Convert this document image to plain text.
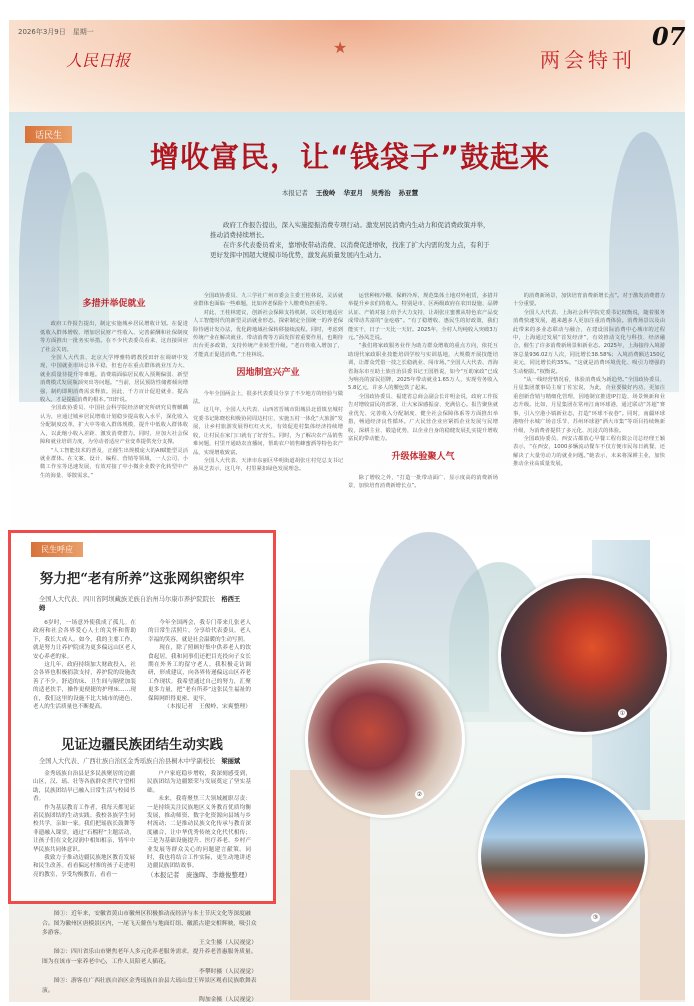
★
2026年3月9日　星期一	07
人民日报	两会特刊
话民生
增收富民，让“钱袋子”鼓起来
本报记者 王俊岭 华亚月 吴秀治 孙亚慧

政府工作报告提出，深入实施提振消费专项行动。激发居民消费内生动力和促消费政策并举，推动消费持续增长。

在许多代表委员看来，靠增收带动消费、以消费促进增收，找准了扩大内需的发力点，有利于更好发挥中国超大规模市场优势，激发高质量发展内生动力。

多措并举促就业

政府工作报告提出，制定实施城乡居民增收计划。在促进低收入群体增收、增加居民财产性收入、完善薪酬和社保制度等方面推出一批务实举措。在不少代表委员看来，这直接回应了社会关切。

全国人大代表、北京大学博雅特聘教授田轩在调研中发现，中国就业市场总体平稳，但也存在重点群体就业压力大、就业质量待提升等难题。消费端面临居民收入预期偏弱、新型消费模式发展瓶颈突出等问题。“当前，居民预防性储蓄倾向增强，制约即期消费需求释放。因此，千方百计促进就业、提高收入，才是提振消费的根本。”田轩说。

全国政协委员、中国社会科学院经济研究所研究员曹麒麟认为，应通过城乡居民增收计划稳步提高收入水平，深化收入分配制度改革，扩大中等收入群体规模，提升中低收入群体收入，以此缩小收入差距、激发消费潜力。同时，应加大社会保障和就业培训力度，为劳动者适应产业变革提供充分支撑。

“人工智能技术的普及，正催生出规模庞大的AI赋能型灵活就业群体。在文案、设计、编程、营销等领域，一人公司、小微工作室等迅速发展，有效对接了中小微企业数字化转型中产生的海量、零散需求。”

全国政协委员、九三学社广州市委会主委王桂林说，灵活就业群体也面临一些难题，比如养老保险个人缴费负担重等。

对此，王桂林建议，创新社会保障支持机制，以更好地适应人工智能时代的新型灵活就业形态。探索制定全国统一的养老保险待遇计发办法，优化跨地域社保转移接续流程。同时，考虑到传统产业在解决就业、带动消费等方面发挥着重要作用，也期待出台更多政策，支持传统产业转型升级。“老百姓收入增加了，才能真正促进消费。”王桂林说。

因地制宜兴产业

今年全国两会上，很多代表委员分享了不少地方的经验与做法。

这几年，全国人大代表、山西省晋城市阳城县北留镇皇城村党委书记陈晓松积极协同周边村庄，实施五村一体化“大旅游”发展，让乡村旅游发展得红红火火，有效促进村集体经济持续增收，让村民在家门口就有了好营生。同时，为了解决农产品销售难问题，村里开通助农直播间，帮助农户销售蜂蜜酒等特色农产品，实现增收致富。

全国人大代表、天津市东丽区华明街道胡张庄村党总支书记孙凤芝表示，这几年，村里紧扣绿色发展理念。

运营种植冷棚、保鲜冷库，规范集体土地对外租赁，多措并举提升乡亲们的收入。特别是市、区两级政府在农田设施、品牌认证、产销对接上给予大力支持，让胡张庄蜜薯从特色农产品变成带动共富的“金疙瘩”。“有了稳增收、惠民生的好政策，我们能实干，日子一天比一天好。2025年，全村人均纯收入突破3万元。”孙凤芝说。

“我们将家政服务业作为助力群众增收的重点方向，依托互助现代家政职业技能培训学校与实训基地，大规模开展技能培训，让群众凭借一技之长稳就业、闯市场。”全国人大代表、青海省海东市互助土族自治县委书记王国胜说，如今“互助家政”已成为响亮的富民招牌，2025年带动就业1.65万人，实现劳务收入5.8亿元，许多人的腰包鼓了起来。

全国政协委员、福建省总商会副会长许明金说，政府工作报告对增收富民的部署，让大家深感振奋、充满信心。报告聚焦就业优先、完善收入分配制度、健全社会保障体系等方面推出举措，畅通经济良性循环。广大民营企业应紧抓企业发展与民增收，深耕主业、锻造优势，以企业自身的稳健发展扎实提升增收富民的带动能力。

升级体验聚人气

除了增收之外，“打造一批带动面广、显示度高的消费新场景，加快培育消费新增长点”。

的消费新场景，加快培育消费新增长点”。对于激发消费潜力十分重要。

全国人大代表、上海社会科学院党委书记权衡说，随着服务消费快速发展，越来越多人更加注重消费体验。消费场景以及由此带来的多业态联动与融合，在建设国际消费中心城市的过程中，上海通过发展“首发经济”，有效推动文化与科技、经济融合，催生了许多消费新场景和新业态。2025年，上海接待入境游客总量936.02万人次，同比增长38.58%；入境消费额达150亿美元，同比增长约35%。“这就是消费环境优化、吸引力增强的生动缩影。”权衡说。

“从一线经营情况看，体验消费成为新趋势。”全国政协委员、月星集团董事局主席丁佐宏说，为此，企业要做好内功，更加注重创新营销与精细化管理，因地制宜推进IP打造、场景焕新和业态升级。比如，月星集团在常州江南环球港，通过联动“苏超”赛事，引入空港小镇新业态，打造“环球不夜巷”。同时，南疆环球港喀什水城广场音乐节、苏州环球港“酒大市集”等项目持续焕新升级，为消费者提供了多元化、沉浸式的体验。

全国政协委员、西安古都放心早餐工程有限公司总经理王颖表示，“在西安，1000多辆流动餐车不仅方便市民每日就餐，还解决了大量劳动力的就业问题。”她表示，未来将深耕主业，加快推动企业高质量发展。

民生呼应
努力把“老有所养”这张网织密织牢
全国人大代表、四川省阿坝藏族羌族自治州马尔康市养护院院长 格西王姆

6岁时，一场意外使我成了孤儿。在政府和社会各界爱心人士的关怀和帮助下，我长大成人。如今，我的主要工作，就是努力让养护院成为更多偏远山区老人安心养老的家。

这几年，政府持续加大财政投入，社会各界也积极捐款支持，养护院的设施改善了不少。舒适的床、卫生间与隔壁加装的适老扶手，操作更便捷的护理床……现在，我们这里的设施不比大城市的逊色，老人的生活质量也不断提高。

今年全国两会，我专门带来几张老人的日常生活照片，分享给代表委员。老人幸福的笑容，就是社会温暖的生动写照。

现在，除了照顾好集中供养老人的饮食起居，我和同事们还把目光投向子女长期在外务工的留守老人。我积极走访调研，形成建议，向各界传递偏远山区养老工作现状。我希望通过自己的努力，汇聚更多力量，把“老有所养”这张民生福祉的保障网织得更密、更牢。

（本报记者　王俊岭、宋爽整理）

见证边疆民族团结生动实践
全国人大代表、广西壮族自治区金秀瑶族自治县桐木中学副校长 梁丽斌

金秀瑶族自治县是多民族聚居的边疆山区，汉、瑶、壮等各族群众世代守望相助，民族团结早已融入日常生活与校园书香。

作为基层教育工作者，我每天都见证着民族团结的生动实践。我校各族学生同校共学，亲如一家。我们把瑶族长鼓舞等非遗融入课堂，通过“石榴籽”主题活动，让孩子们在文化浸润中相知相亲，铸牢中华民族共同体意识。

我致力于推动边疆民族地区教育发展和民生改善。看看偏远村寨的孩子走进明亮的教室，享受均衡教育，看看一

户户家庭稳步增收，我深刻感受到，民族团结为边疆繁荣与发展奠定了坚实基础。

未来，我将聚焦三大领域履职尽责：一是持续关注民族地区义务教育优质均衡发展，推动师资、数字化资源向县域与乡村流动；二是推动民族文化传承与教育深度融合，让中华优秀传统文化代代相传；三是为基础设施提升、医疗养老、乡村产业发展等群众关心的问题建言献策。同时，我也将结合工作实际，更生动地讲述边疆民族团结故事。

（本报记者　庞逸晖、李雄俊整理）

①
②
③

图①：近年来，安徽省黄山市徽州区积极推动夜经济与本土节庆文化等深度融合。图为徽州区唐模景区内，一尾飞天鳌鱼与地面灯组、徽派古建交相辉映，吸引众多游客。

王文生摄（人民视觉）

图②：四川省乐山市聚焦老年人多元化养老服务需求，提升养老普惠服务质量。图为在该市一家养老中心，工作人员陪老人插花。

李攀时摄（人民视觉）

图③：游客在广西壮族自治区金秀瑶族自治县大瑶山盘王界景区观看民族歌舞表演。

陶加金摄（人民视觉）
